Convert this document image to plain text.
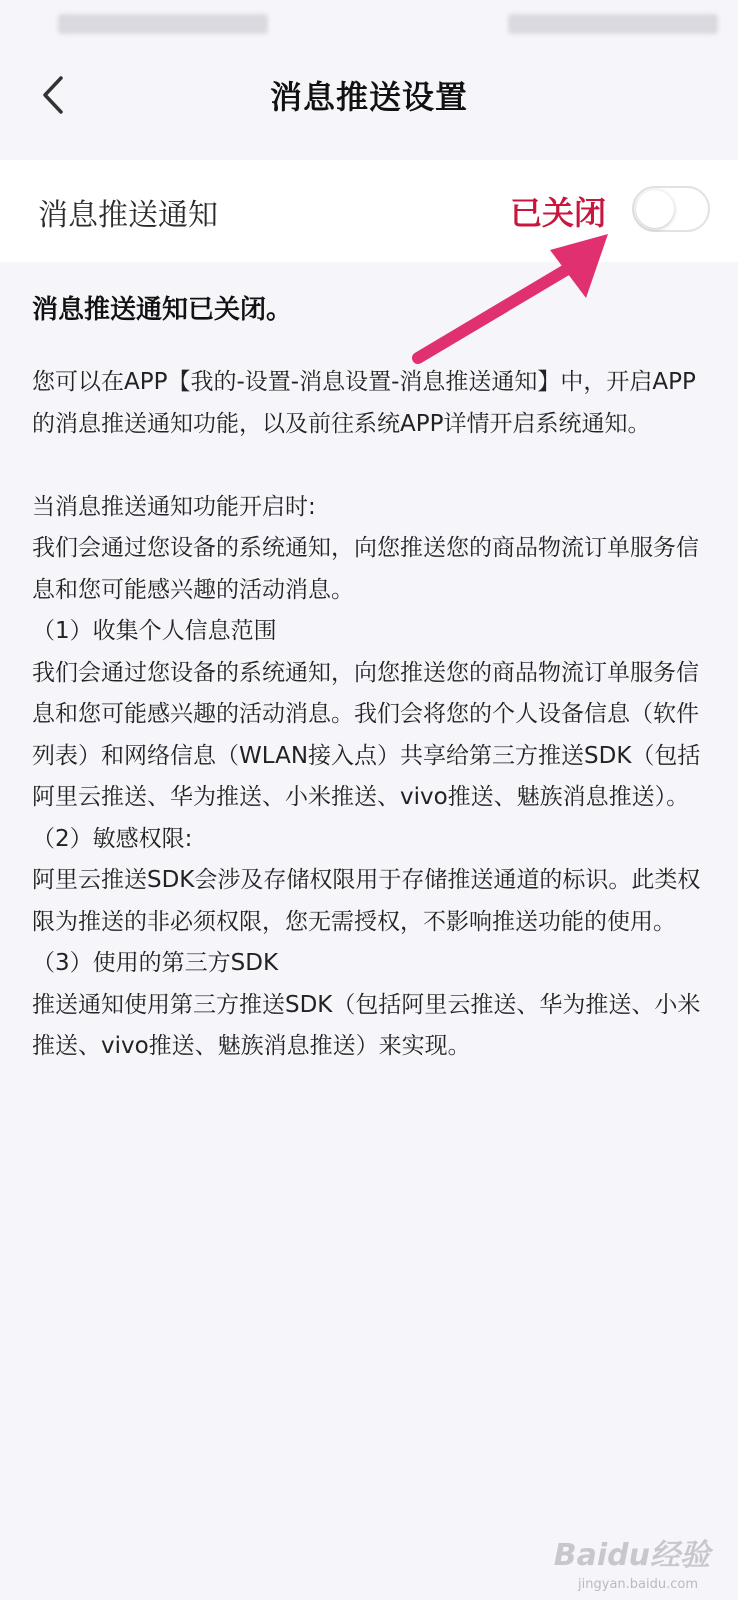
消息推送设置
消息推送通知	已关闭
消息推送通知已关闭。

您可以在APP【我的-设置-消息设置-消息推送通知】中，开启APP的消息推送通知功能，以及前往系统APP详情开启系统通知。

当消息推送通知功能开启时:

我们会通过您设备的系统通知，向您推送您的商品物流订单服务信息和您可能感兴趣的活动消息。

（1）收集个人信息范围

我们会通过您设备的系统通知，向您推送您的商品物流订单服务信息和您可能感兴趣的活动消息。我们会将您的个人设备信息（软件列表）和网络信息（WLAN接入点）共享给第三方推送SDK（包括阿里云推送、华为推送、小米推送、vivo推送、魅族消息推送）。

（2）敏感权限:

阿里云推送SDK会涉及存储权限用于存储推送通道的标识。此类权限为推送的非必须权限，您无需授权，不影响推送功能的使用。

（3）使用的第三方SDK

推送通知使用第三方推送SDK（包括阿里云推送、华为推送、小米推送、vivo推送、魅族消息推送）来实现。

Baidu经验
jingyan.baidu.com
